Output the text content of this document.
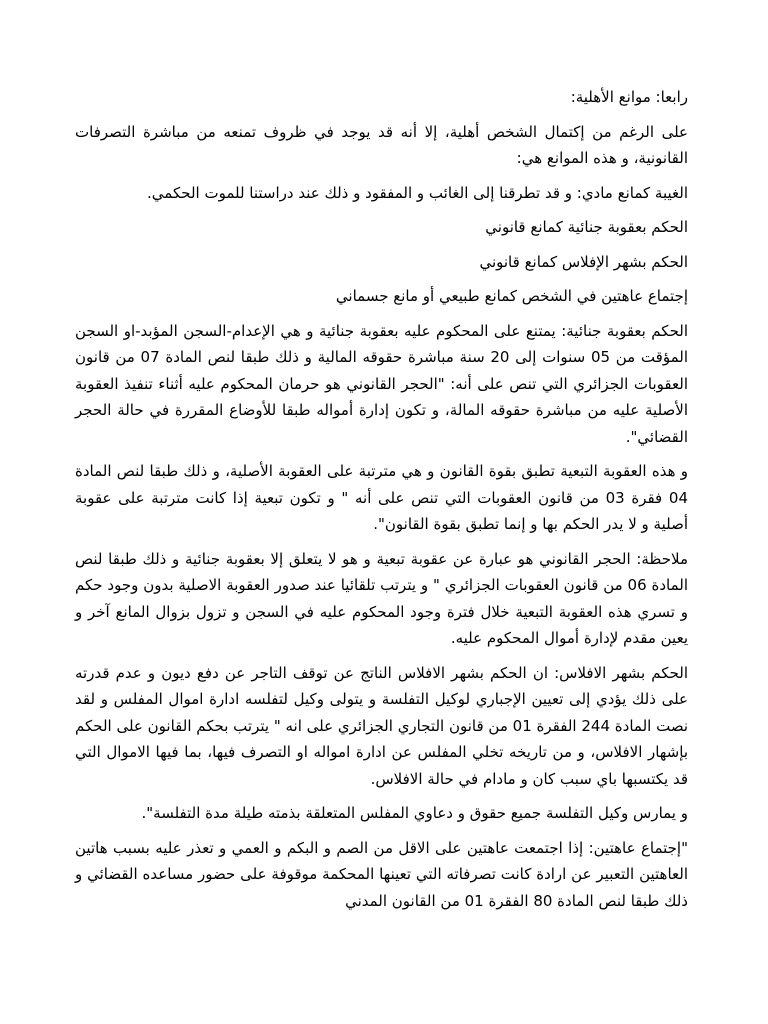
رابعا: موانع الأهلية:

على الرغم من إكتمال الشخص أهلية، إلا أنه قد يوجد في ظروف تمنعه من مباشرة التصرفات القانونية، و هذه الموانع هي:

الغيبة كمانع مادي: و قد تطرقنا إلى الغائب و المفقود و ذلك عند دراستنا للموت الحكمي.

الحكم بعقوبة جنائية كمانع قانوني

الحكم بشهر الإفلاس كمانع قانوني

إجتماع عاهتين في الشخص كمانع طبيعي أو مانع جسماني

الحكم بعقوبة جنائية: يمتنع على المحكوم عليه بعقوبة جنائية و هي الإعدام-السجن المؤبد-او السجن المؤقت من 05 سنوات إلى 20 سنة مباشرة حقوقه المالية و ذلك طبقا لنص المادة 07 من قانون العقوبات الجزائري التي تنص على أنه: "الحجر القانوني هو حرمان المحكوم عليه أثناء تنفيذ العقوبة الأصلية عليه من مباشرة حقوقه المالة، و تكون إدارة أمواله طبقا للأوضاع المقررة في حالة الحجر القضائي".

و هذه العقوبة التبعية تطبق بقوة القانون و هي مترتبة على العقوبة الأصلية، و ذلك طبقا لنص المادة 04 فقرة 03 من قانون العقوبات التي تنص على أنه " و تكون تبعية إذا كانت مترتبة على عقوبة أصلية و لا يدر الحكم بها و إنما تطبق بقوة القانون".

ملاحظة: الحجر القانوني هو عبارة عن عقوبة تبعية و هو لا يتعلق إلا بعقوبة جنائية و ذلك طبقا لنص المادة 06 من قانون العقوبات الجزائري " و يترتب تلقائيا عند صدور العقوبة الاصلية بدون وجود حكم و تسري هذه العقوبة التبعية خلال فترة وجود المحكوم عليه في السجن و تزول بزوال المانع آخر و يعين مقدم لإدارة أموال المحكوم عليه.

الحكم بشهر الافلاس: ان الحكم بشهر الافلاس الناتج عن توقف التاجر عن دفع ديون و عدم قدرته على ذلك يؤدي إلى تعيين الإجباري لوكيل التفلسة و يتولى وكيل لتفلسه ادارة اموال المفلس و لقد نصت المادة 244 الفقرة 01 من قانون التجاري الجزائري على انه " يترتب بحكم القانون على الحكم بإشهار الافلاس، و من تاريخه تخلي المفلس عن ادارة امواله او التصرف فيها، بما فيها الاموال التي قد يكتسبها باي سبب كان و مادام في حالة الافلاس.

و يمارس وكيل التفلسة جميع حقوق و دعاوي المفلس المتعلقة بذمته طيلة مدة التفلسة".

"إجتماع عاهتين: إذا اجتمعت عاهتين على الاقل من الصم و البكم و العمي و تعذر عليه بسبب هاتين العاهتين التعبير عن ارادة كانت تصرفاته التي تعينها المحكمة موقوفة على حضور مساعده القضائي و ذلك طبقا لنص المادة 80 الفقرة 01 من القانون المدني
